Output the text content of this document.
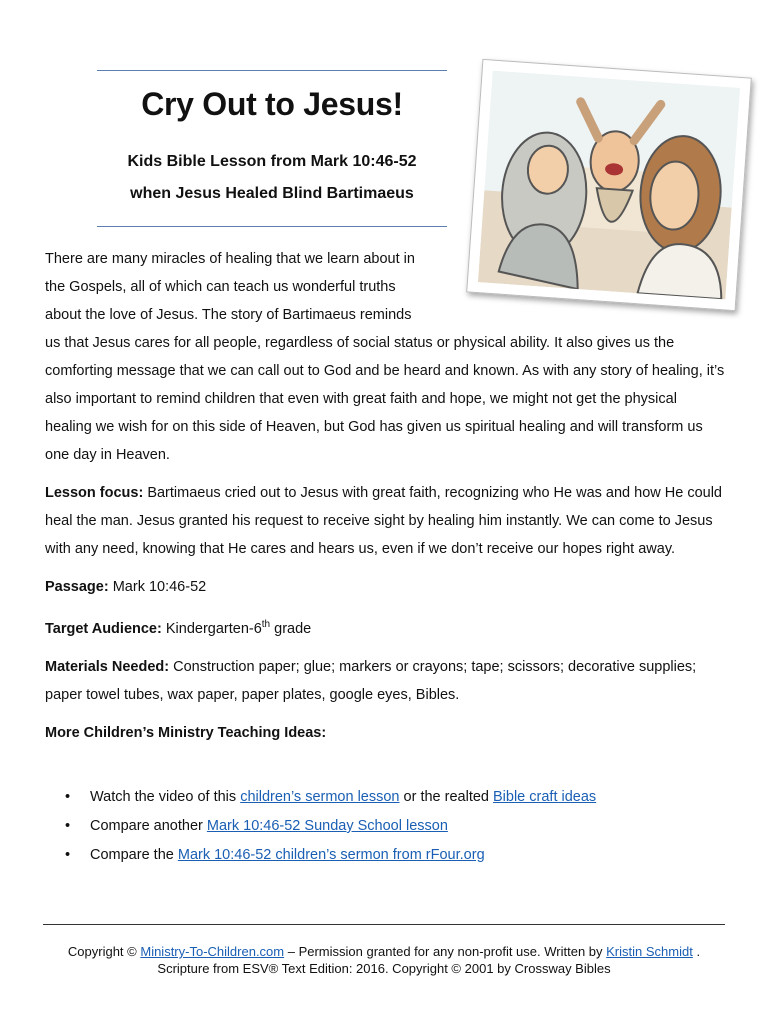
Cry Out to Jesus!
Kids Bible Lesson from Mark 10:46-52
when Jesus Healed Blind Bartimaeus
There are many miracles of healing that we learn about in
the Gospels, all of which can teach us wonderful truths
about the love of Jesus. The story of Bartimaeus reminds
us that Jesus cares for all people, regardless of social status or physical ability. It also gives us the comforting message that we can call out to God and be heard and known. As with any story of healing, it’s also important to remind children that even with great faith and hope, we might not get the physical healing we wish for on this side of Heaven, but God has given us spiritual healing and will transform us one day in Heaven.
Lesson focus: Bartimaeus cried out to Jesus with great faith, recognizing who He was and how He could heal the man. Jesus granted his request to receive sight by healing him instantly. We can come to Jesus with any need, knowing that He cares and hears us, even if we don’t receive our hopes right away.
Passage: Mark 10:46-52
Target Audience: Kindergarten-6th grade
Materials Needed: Construction paper; glue; markers or crayons; tape; scissors; decorative supplies; paper towel tubes, wax paper, paper plates, google eyes, Bibles.
More Children’s Ministry Teaching Ideas:
• Watch the video of this children’s sermon lesson or the realted Bible craft ideas
• Compare another Mark 10:46-52 Sunday School lesson
• Compare the Mark 10:46-52 children’s sermon from rFour.org
Copyright © Ministry-To-Children.com – Permission granted for any non-profit use. Written by Kristin Schmidt .
Scripture from ESV® Text Edition: 2016. Copyright © 2001 by Crossway Bibles
